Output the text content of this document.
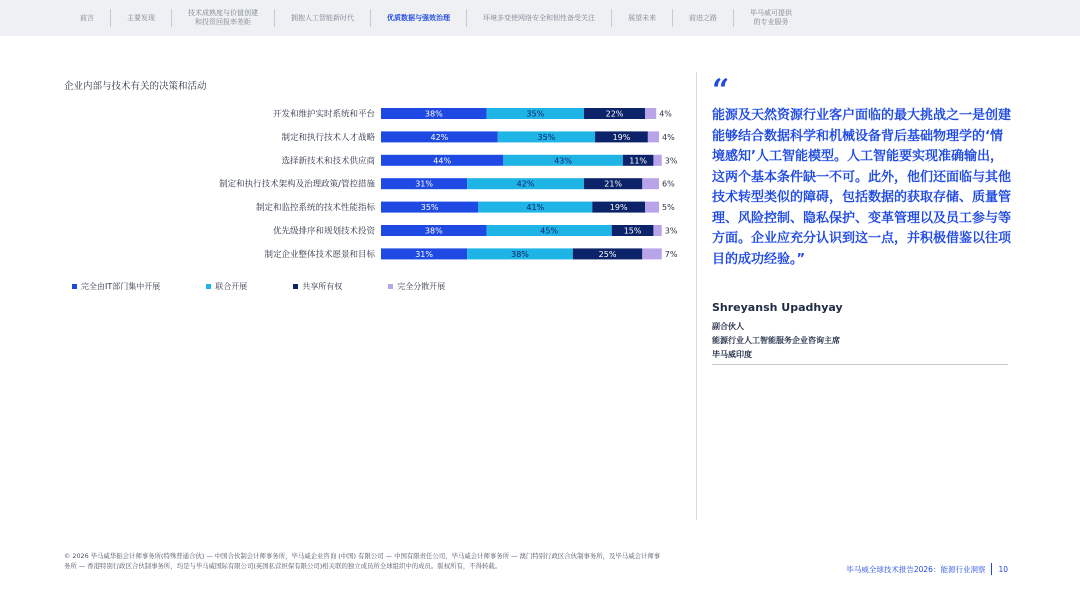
前言	主要发现
技术成熟度与价值创建
和投资回报率差距
拥抱人工智能新时代	优质数据与强效治理	环境多变使网络安全和韧性备受关注	展望未来	前进之路
毕马威可提供
的专业服务
企业内部与技术有关的决策和活动
开发和维护实时系统和平台	38%	35%	22%	4%
制定和执行技术人才战略	42%	35%	19%	4%
选择新技术和技术供应商	44%	43%	11% 3%
制定和执行技术架构及治理政策/管控措施	31%	42%	21%	6%
制定和监控系统的技术性能指标	35%	41%	19%	5%
优先级排序和规划技术投资	38%	45%	15%	3%
制定企业整体技术愿景和目标	31%	38%	25%	7%
完全由IT部门集中开展	联合开展	共享所有权	完全分散开展
“
能源及天然资源行业客户面临的最大挑战之一是创建能够结合数据科学和机械设备背后基础物理学的‘情境感知’人工智能模型。人工智能要实现准确输出，这两个基本条件缺一不可。此外，他们还面临与其他技术转型类似的障碍，包括数据的获取存储、质量管理、风险控制、隐私保护、变革管理以及员工参与等方面。企业应充分认识到这一点，并积极借鉴以往项目的成功经验。”
Shreyansh Upadhyay
副合伙人
能源行业人工智能服务企业咨询主席
毕马威印度
© 2026 毕马威华振会计师事务所(特殊普通合伙) — 中国合伙制会计师事务所，毕马威企业咨询 (中国) 有限公司 — 中国有限责任公司，毕马威会计师事务所 — 澳门特别行政区合伙制事务所，及毕马威会计师事务所 — 香港特别行政区合伙制事务所，均是与毕马威国际有限公司(英国私营担保有限公司)相关联的独立成员所全球组织中的成员。版权所有，不得转载。	毕马威全球技术报告2026：能源行业洞察 10
